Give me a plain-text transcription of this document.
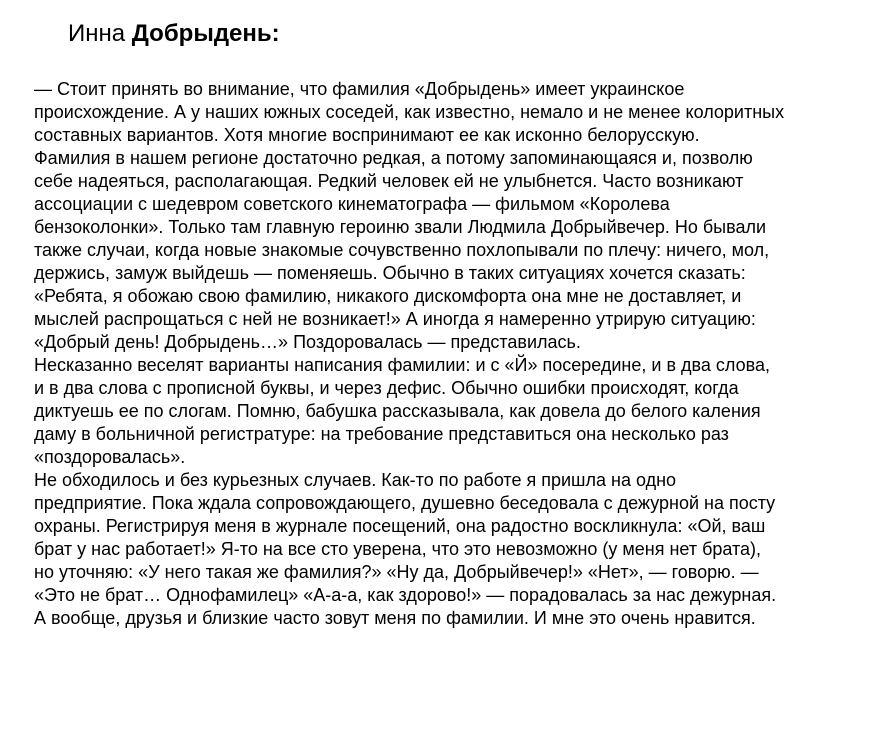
Инна Добрыдень:
— Стоит принять во внимание, что фамилия «Добрыдень» имеет украинское
происхождение. А у наших южных соседей, как известно, немало и не менее колоритных
составных вариантов. Хотя многие воспринимают ее как исконно белорусскую.
Фамилия в нашем регионе достаточно редкая, а потому запоминающаяся и, позволю
себе надеяться, располагающая. Редкий человек ей не улыбнется. Часто возникают
ассоциации с шедевром советского кинематографа — фильмом «Королева
бензоколонки». Только там главную героиню звали Людмила Добрыйвечер. Но бывали
также случаи, когда новые знакомые сочувственно похлопывали по плечу: ничего, мол,
держись, замуж выйдешь — поменяешь. Обычно в таких ситуациях хочется сказать:
«Ребята, я обожаю свою фамилию, никакого дискомфорта она мне не доставляет, и
мыслей распрощаться с ней не возникает!» А иногда я намеренно утрирую ситуацию:
«Добрый день! Добрыдень…» Поздоровалась — представилась.
Несказанно веселят варианты написания фамилии: и с «Й» посередине, и в два слова,
и в два слова с прописной буквы, и через дефис. Обычно ошибки происходят, когда
диктуешь ее по слогам. Помню, бабушка рассказывала, как довела до белого каления
даму в больничной регистратуре: на требование представиться она несколько раз
«поздоровалась».
Не обходилось и без курьезных случаев. Как-то по работе я пришла на одно
предприятие. Пока ждала сопровождающего, душевно беседовала с дежурной на посту
охраны. Регистрируя меня в журнале посещений, она радостно воскликнула: «Ой, ваш
брат у нас работает!» Я-то на все сто уверена, что это невозможно (у меня нет брата),
но уточняю: «У него такая же фамилия?» «Ну да, Добрыйвечер!» «Нет», — говорю. —
«Это не брат… Однофамилец» «А-а-а, как здорово!» — порадовалась за нас дежурная.
А вообще, друзья и близкие часто зовут меня по фамилии. И мне это очень нравится.
